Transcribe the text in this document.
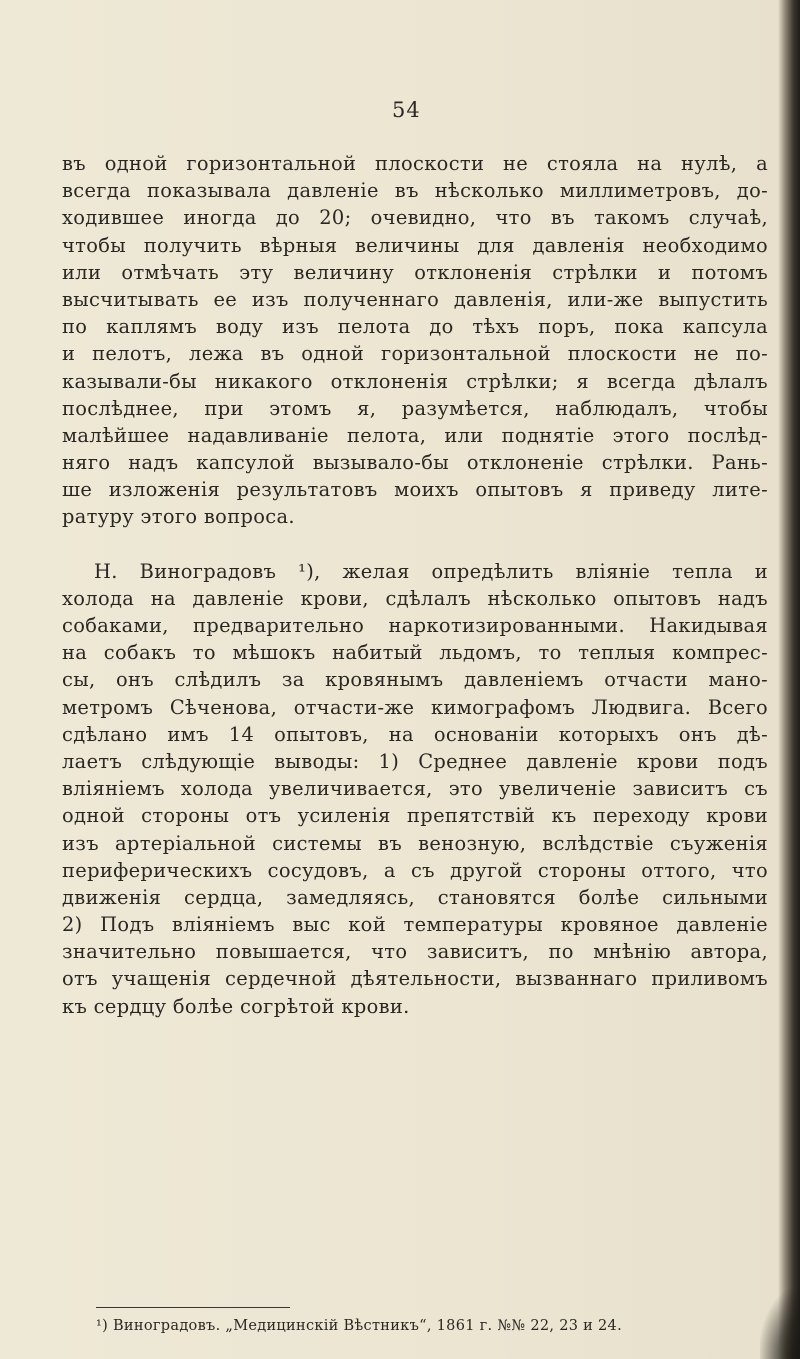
54
въ одной горизонтальной плоскости не стояла на нулѣ, а
всегда показывала давленіе въ нѣсколько миллиметровъ, до-
ходившее иногда до 20; очевидно, что въ такомъ случаѣ,
чтобы получить вѣрныя величины для давленія необходимо
или отмѣчать эту величину отклоненія стрѣлки и потомъ
высчитывать ее изъ полученнаго давленія, или-же выпустить
по каплямъ воду изъ пелота до тѣхъ поръ, пока капсула
и пелотъ, лежа въ одной горизонтальной плоскости не по-
казывали-бы никакого отклоненія стрѣлки; я всегда дѣлалъ
послѣднее, при этомъ я, разумѣется, наблюдалъ, чтобы
малѣйшее надавливаніе пелота, или поднятіе этого послѣд-
няго надъ капсулой вызывало-бы отклоненіе стрѣлки. Рань-
ше изложенія результатовъ моихъ опытовъ я приведу лите-
ратуру этого вопроса.
Н. Виноградовъ ¹), желая опредѣлить вліяніе тепла и
холода на давленіе крови, сдѣлалъ нѣсколько опытовъ надъ
собаками, предварительно наркотизированными. Накидывая
на собакъ то мѣшокъ набитый льдомъ, то теплыя компрес-
сы, онъ слѣдилъ за кровянымъ давленіемъ отчасти мано-
метромъ Сѣченова, отчасти-же кимографомъ Людвига. Всего
сдѣлано имъ 14 опытовъ, на основаніи которыхъ онъ дѣ-
лаетъ слѣдующіе выводы: 1) Среднее давленіе крови подъ
вліяніемъ холода увеличивается, это увеличеніе зависитъ съ
одной стороны отъ усиленія препятствій къ переходу крови
изъ артеріальной системы въ венозную, вслѣдствіе съуженія
периферическихъ сосудовъ, а съ другой стороны оттого, что
движенія сердца, замедляясь, становятся болѣе сильными
2) Подъ вліяніемъ выс кой температуры кровяное давленіе
значительно повышается, что зависитъ, по мнѣнію автора,
отъ учащенія сердечной дѣятельности, вызваннаго приливомъ
къ сердцу болѣе согрѣтой крови.
¹) Виноградовъ. „Медицинскій Вѣстникъ“, 1861 г. №№ 22, 23 и 24.
